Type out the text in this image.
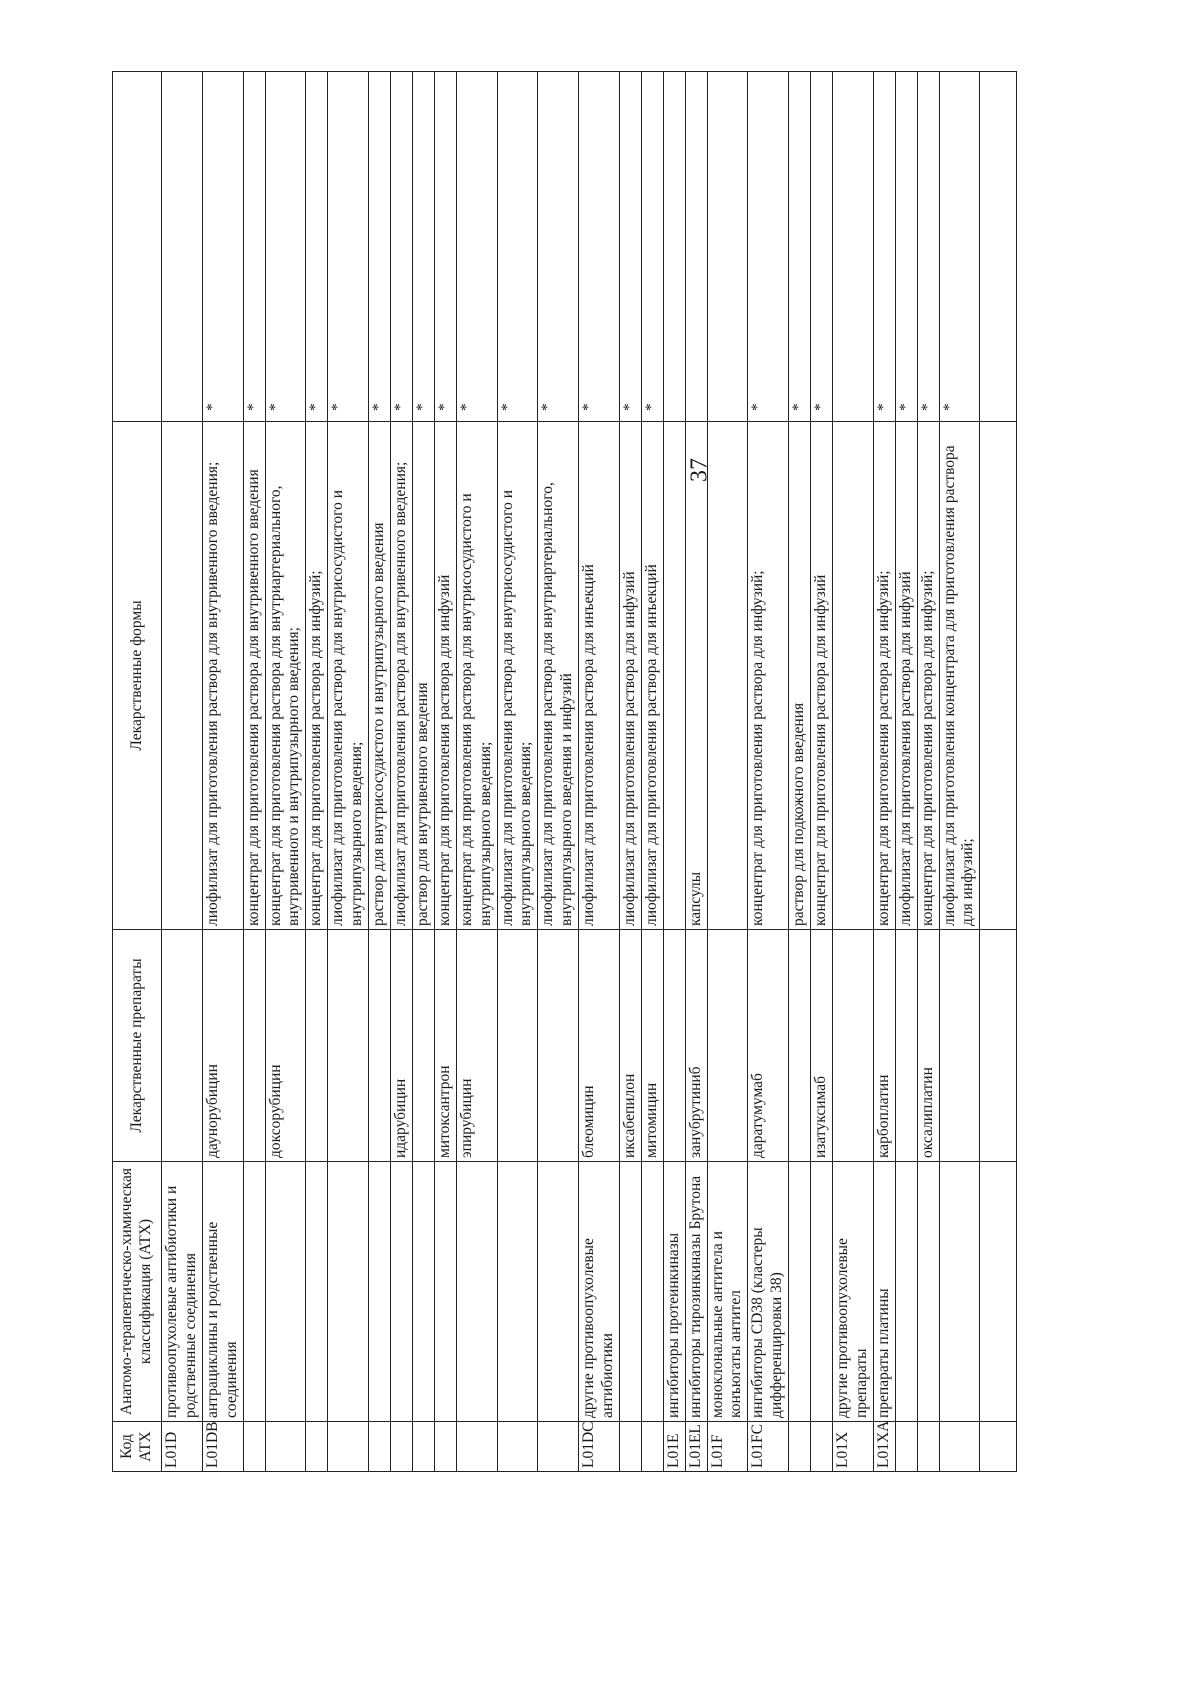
37
Код АТХ	Анатомо-терапевтическо-химическая классификация (АТХ)	Лекарственные препараты	Лекарственные формы	
L01D	противоопухолевые антибиотики и родственные соединения			
L01DB	антрациклины и родственные соединения	даунорубицин	лиофилизат для приготовления раствора для внутривенного введения;	*
			концентрат для приготовления раствора для внутривенного введения	*
		доксорубицин	концентрат для приготовления раствора для внутриартериального, внутривенного и внутрипузырного введения;	*
			концентрат для приготовления раствора для инфузий;	*
			лиофилизат для приготовления раствора для внутрисосудистого и внутрипузырного введения;	*
			раствор для внутрисосудистого и внутрипузырного введения	*
		идарубицин	лиофилизат для приготовления раствора для внутривенного введения;	*
			раствор для внутривенного введения	*
		митоксантрон	концентрат для приготовления раствора для инфузий	*
		эпирубицин	концентрат для приготовления раствора для внутрисосудистого и внутрипузырного введения;	*
			лиофилизат для приготовления раствора для внутрисосудистого и внутрипузырного введения;	*
			лиофилизат для приготовления раствора для внутриартериального, внутрипузырного введения и инфузий	*
L01DC	другие противоопухолевые антибиотики	блеомицин	лиофилизат для приготовления раствора для инъекций	*
		иксабепилон	лиофилизат для приготовления раствора для инфузий	*
		митомицин	лиофилизат для приготовления раствора для инъекций	*
L01E	ингибиторы протеинкиназы			
L01EL	ингибиторы тирозинкиназы Брутона	занубрутиниб	капсулы	
L01F	моноклональные антитела и конъюгаты антител			
L01FC	ингибиторы CD38 (кластеры дифференцировки 38)	даратумумаб	концентрат для приготовления раствора для инфузий;	*
			раствор для подкожного введения	*
		изатуксимаб	концентрат для приготовления раствора для инфузий	*
L01X	другие противоопухолевые препараты			
L01XA	препараты платины	карбоплатин	концентрат для приготовления раствора для инфузий;	*
			лиофилизат для приготовления раствора для инфузий	*
		оксалиплатин	концентрат для приготовления раствора для инфузий;	*
			лиофилизат для приготовления концентрата для приготовления раствора для инфузий;	*
